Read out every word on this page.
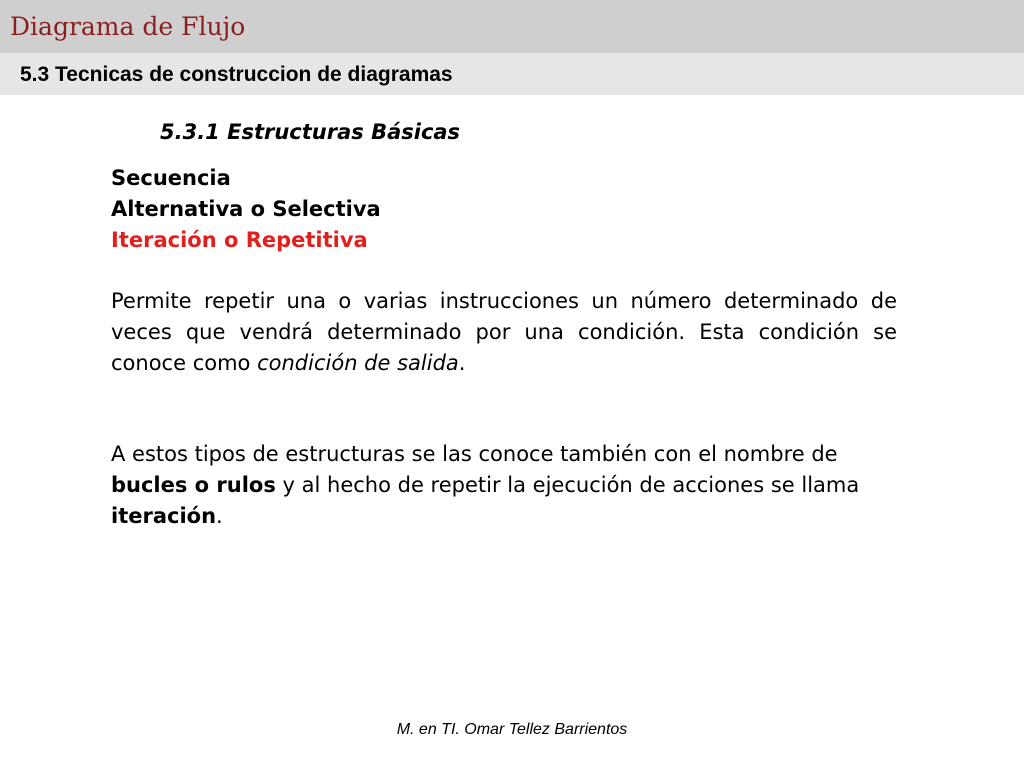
Diagrama de Flujo
5.3 Tecnicas de construccion de diagramas
5.3.1 Estructuras Básicas
Secuencia
Alternativa o Selectiva
Iteración o Repetitiva

Permite repetir una o varias instrucciones un número determinado de veces que vendrá determinado por una condición. Esta condición se conoce como condición de salida.

A estos tipos de estructuras se las conoce también con el nombre de bucles o rulos y al hecho de repetir la ejecución de acciones se llama iteración.

M. en TI. Omar Tellez Barrientos
